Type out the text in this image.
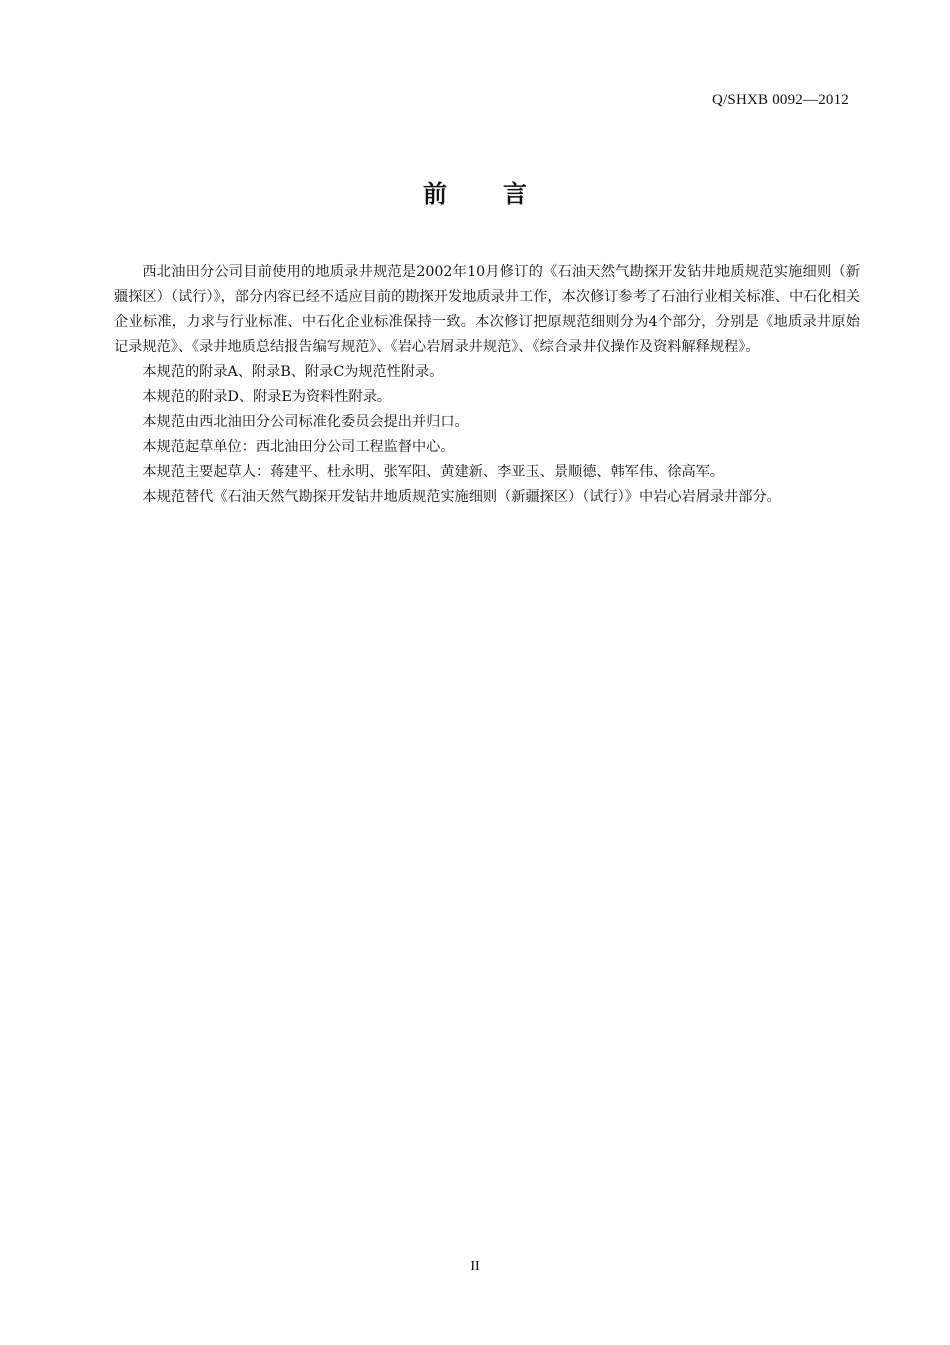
Q/SHXB 0092—2012
前言

西北油田分公司目前使用的地质录井规范是2002年10月修订的《石油天然气勘探开发钻井地质规范实施细则（新疆探区）（试行）》，部分内容已经不适应目前的勘探开发地质录井工作，本次修订参考了石油行业相关标准、中石化相关企业标准，力求与行业标准、中石化企业标准保持一致。本次修订把原规范细则分为4个部分，分别是《地质录井原始记录规范》、《录井地质总结报告编写规范》、《岩心岩屑录井规范》、《综合录井仪操作及资料解释规程》。

本规范的附录A、附录B、附录C为规范性附录。

本规范的附录D、附录E为资料性附录。

本规范由西北油田分公司标准化委员会提出并归口。

本规范起草单位：西北油田分公司工程监督中心。

本规范主要起草人：蒋建平、杜永明、张军阳、黄建新、李亚玉、景顺德、韩军伟、徐高军。

本规范替代《石油天然气勘探开发钻井地质规范实施细则（新疆探区）（试行）》中岩心岩屑录井部分。

II
